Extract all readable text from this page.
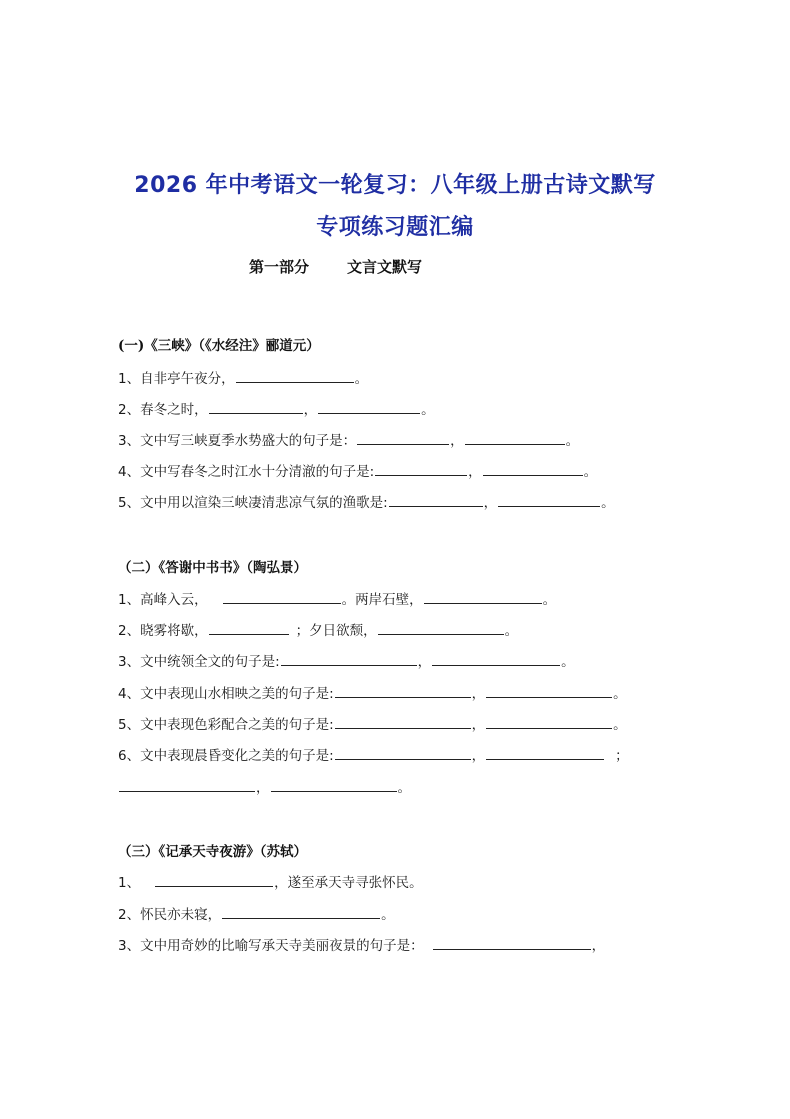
2026 年中考语文一轮复习：八年级上册古诗文默写
专项练习题汇编
第一部分	文言文默写
(一)《三峡》（《水经注》郦道元）
1、自非亭午夜分，	。
2、春冬之时，	，	。
3、文中写三峡夏季水势盛大的句子是：	，	。
4、文中写春冬之时江水十分清澈的句子是:	，	。
5、文中用以渲染三峡凄清悲凉气氛的渔歌是:	，	。
（二）《答谢中书书》（陶弘景）
1、高峰入云，	。两岸石壁，	。
2、晓雾将歇，	；夕日欲颓，	。
3、文中统领全文的句子是:	，	。
4、文中表现山水相映之美的句子是:	，	。
5、文中表现色彩配合之美的句子是:	，	。
6、文中表现晨昏变化之美的句子是:	，	；
，	。
（三）《记承天寺夜游》（苏轼）
1、	，遂至承天寺寻张怀民。
2、怀民亦未寝，	。
3、文中用奇妙的比喻写承天寺美丽夜景的句子是：	，
